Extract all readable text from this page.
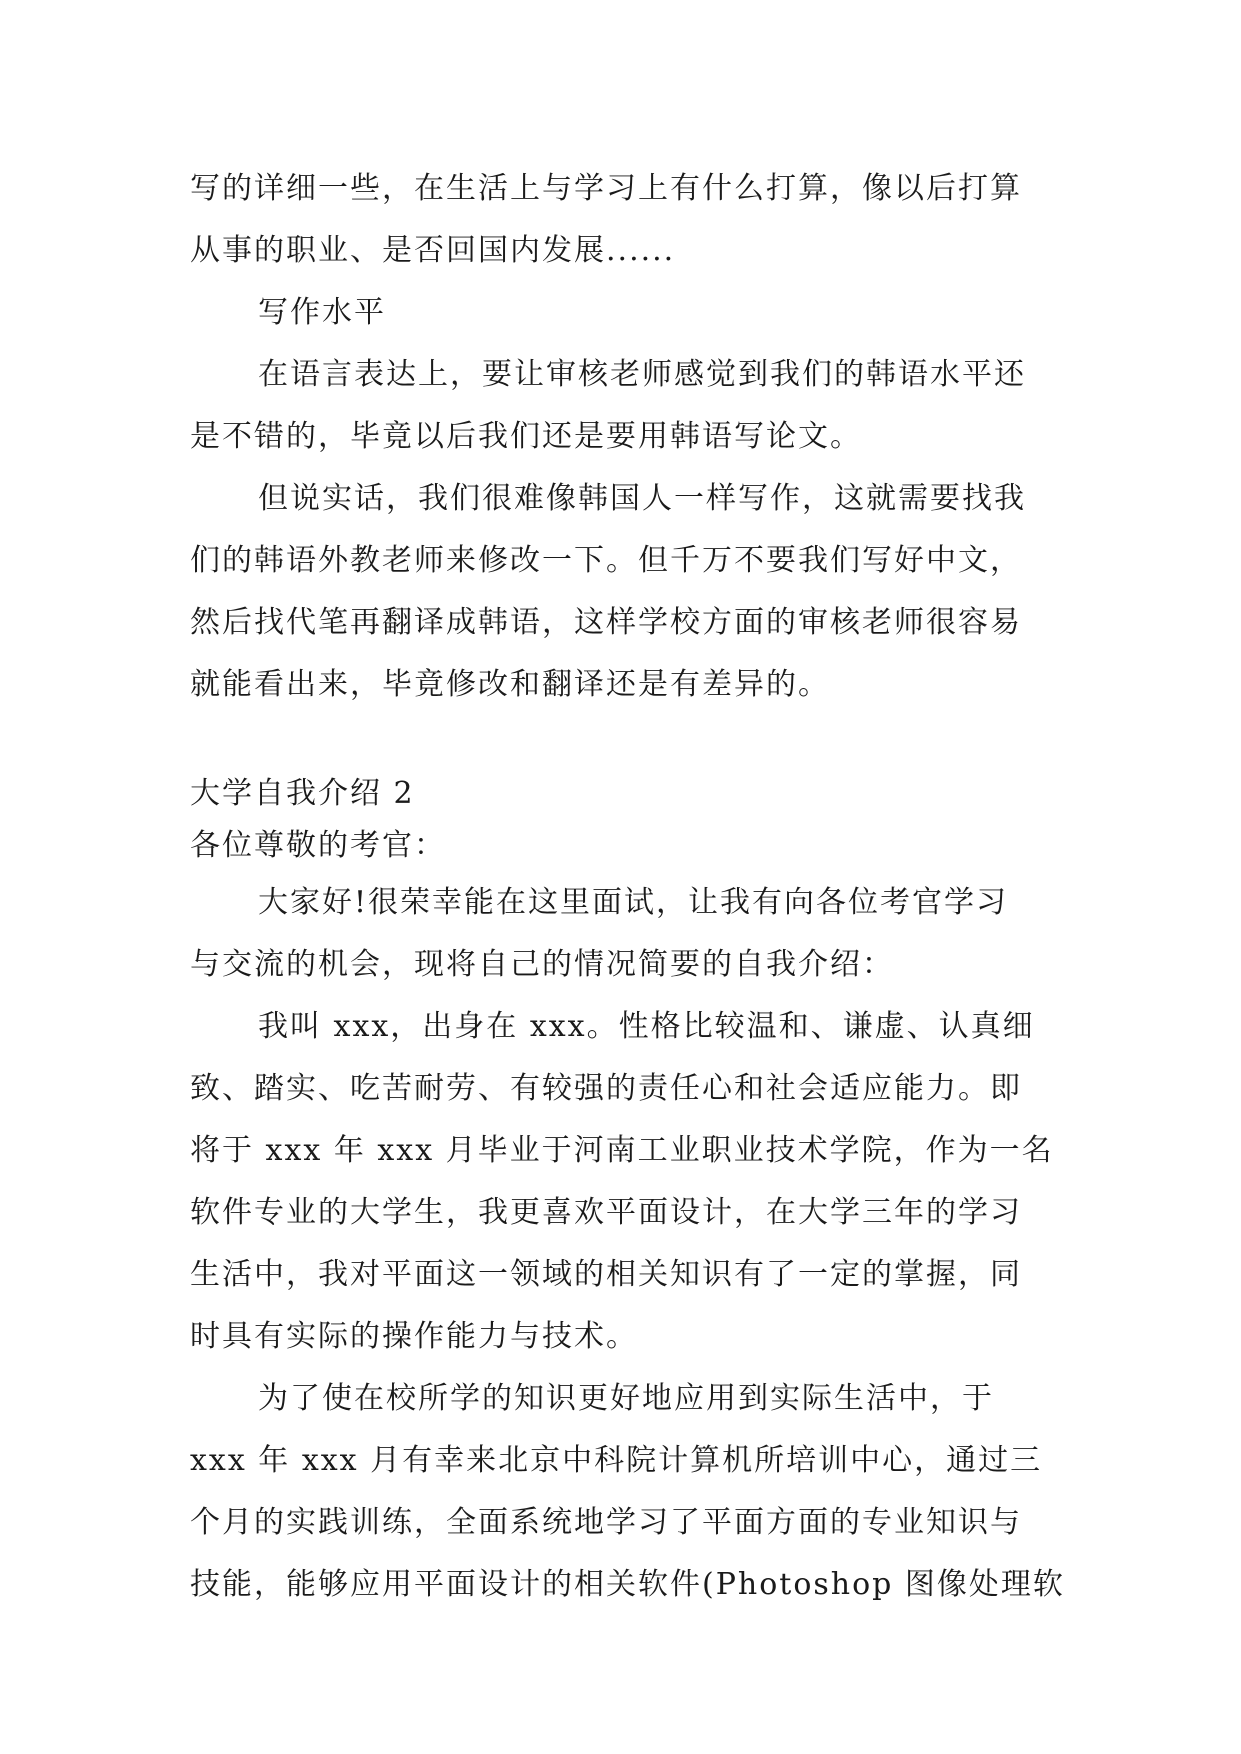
写的详细一些，在生活上与学习上有什么打算，像以后打算
从事的职业、是否回国内发展......
写作水平
在语言表达上，要让审核老师感觉到我们的韩语水平还
是不错的，毕竟以后我们还是要用韩语写论文。
但说实话，我们很难像韩国人一样写作，这就需要找我
们的韩语外教老师来修改一下。但千万不要我们写好中文，
然后找代笔再翻译成韩语，这样学校方面的审核老师很容易
就能看出来，毕竟修改和翻译还是有差异的。
大学自我介绍 2
各位尊敬的考官：
大家好!很荣幸能在这里面试，让我有向各位考官学习
与交流的机会，现将自己的情况简要的自我介绍：
我叫 xxx，出身在 xxx。性格比较温和、谦虚、认真细
致、踏实、吃苦耐劳、有较强的责任心和社会适应能力。即
将于 xxx 年 xxx 月毕业于河南工业职业技术学院，作为一名
软件专业的大学生，我更喜欢平面设计，在大学三年的学习
生活中，我对平面这一领域的相关知识有了一定的掌握，同
时具有实际的操作能力与技术。
为了使在校所学的知识更好地应用到实际生活中，于
xxx 年 xxx 月有幸来北京中科院计算机所培训中心，通过三
个月的实践训练，全面系统地学习了平面方面的专业知识与
技能，能够应用平面设计的相关软件(Photoshop 图像处理软
